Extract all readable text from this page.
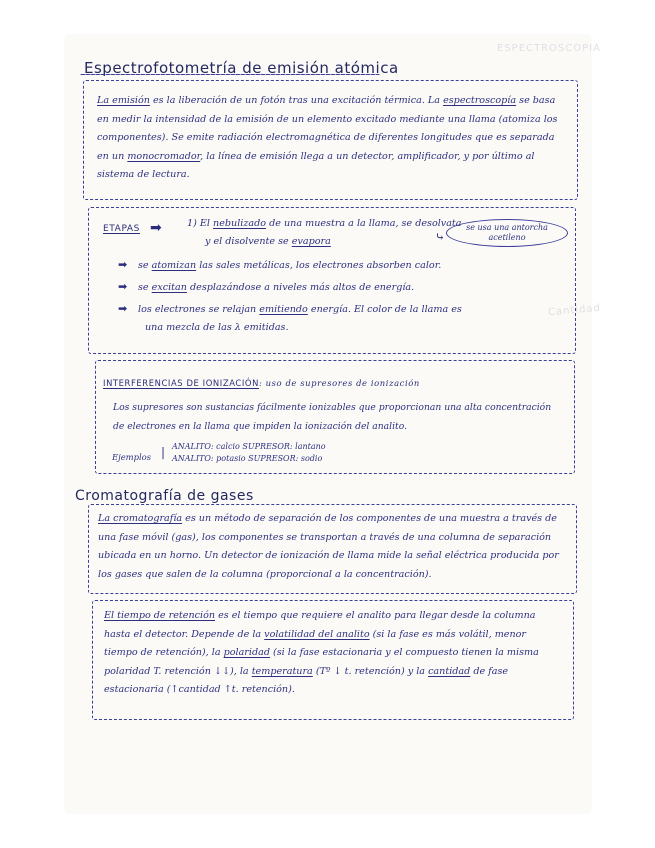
ESPECTROSCOPIA
Cantidad
Espectrofotometría de emisión atómica

La emisión es la liberación de un fotón tras una excitación térmica. La espectroscopía se basa en medir la intensidad de la emisión de un elemento excitado mediante una llama (atomiza los componentes). Se emite radiación electromagnética de diferentes longitudes que es separada en un monocromador, la línea de emisión llega a un detector, amplificador, y por último al sistema de lectura.

ETAPAS ➡	1) El nebulizado de una muestra a la llama, se desolvata
y el disolvente se evapora	⤷
se usa una antorcha acetileno
➡ se atomizan las sales metálicas, los electrones absorben calor.
➡ se excitan desplazándose a niveles más altos de energía.
➡ los electrones se relajan emitiendo energía. El color de la llama es
una mezcla de las λ emitidas.
INTERFERENCIAS DE IONIZACIÓN: uso de supresores de ionización

Los supresores son sustancias fácilmente ionizables que proporcionan una alta concentración de electrones en la llama que impiden la ionización del analito.

Ejemplos | ANALITO: calcio SUPRESOR: lantano
ANALITO: potasio SUPRESOR: sodio
Cromatografía de gases

La cromatografía es un método de separación de los componentes de una muestra a través de una fase móvil (gas), los componentes se transportan a través de una columna de separación ubicada en un horno. Un detector de ionización de llama mide la señal eléctrica producida por los gases que salen de la columna (proporcional a la concentración).

El tiempo de retención es el tiempo que requiere el analito para llegar desde la columna hasta el detector. Depende de la volatilidad del analito (si la fase es más volátil, menor tiempo de retención), la polaridad (si la fase estacionaria y el compuesto tienen la misma polaridad T. retención ↓↓), la temperatura (Tº ↓ t. retención) y la cantidad de fase estacionaria (↑cantidad ↑t. retención).
